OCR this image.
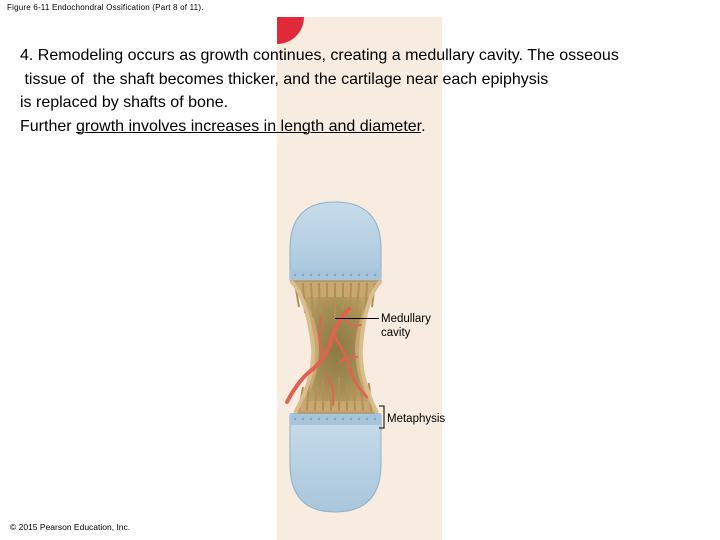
Figure 6-11 Endochondral Ossification (Part 8 of 11).
4. Remodeling occurs as growth continues, creating a medullary cavity. The osseous
tissue of  the shaft becomes thicker, and the cartilage near each epiphysis
is replaced by shafts of bone.
Further growth involves increases in length and diameter.
Medullary
cavity
Metaphysis
© 2015 Pearson Education, Inc.
